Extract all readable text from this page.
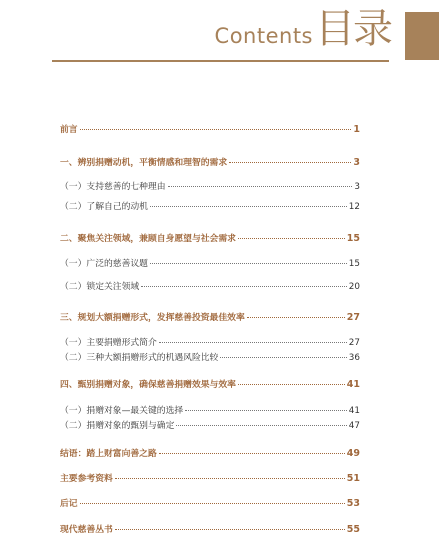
Contents 目录
前言	1
一、辨别捐赠动机，平衡情感和理智的需求	3
（一）支持慈善的七种理由	3
（二）了解自己的动机	12
二、聚焦关注领域，兼顾自身愿望与社会需求	15
（一）广泛的慈善议题	15
（二）锁定关注领域	20
三、规划大额捐赠形式，发挥慈善投资最佳效率	27
（一）主要捐赠形式简介	27
（二）三种大额捐赠形式的机遇风险比较	36
四、甄别捐赠对象，确保慈善捐赠效果与效率	41
（一）捐赠对象—最关键的选择	41
（二）捐赠对象的甄别与确定	47
结语：踏上财富向善之路	49
主要参考资料	51
后记	53
现代慈善丛书	55
